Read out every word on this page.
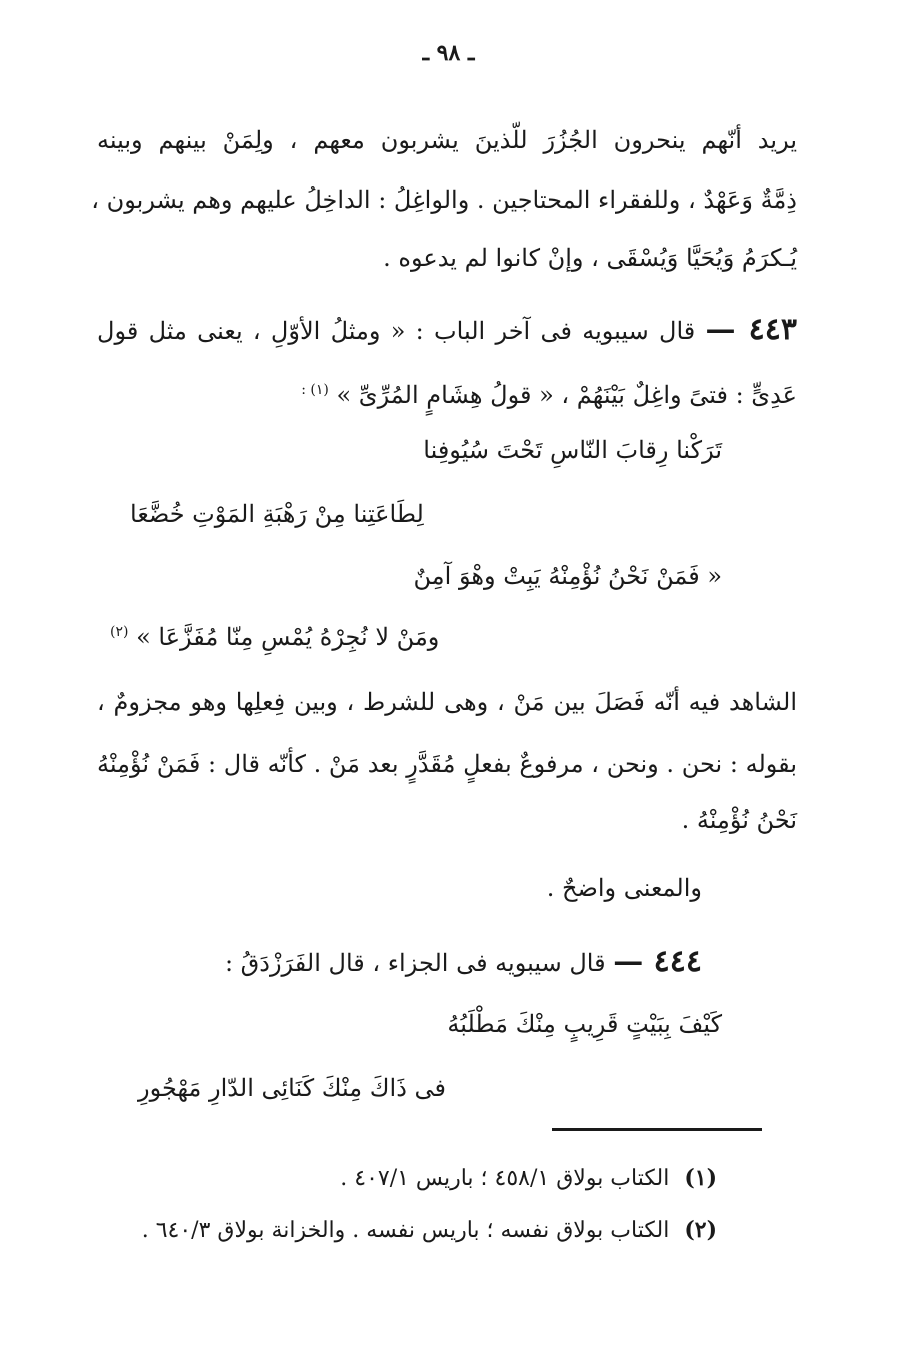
ـ ٩٨ ـ
يريد أنّهم ينحرون الجُزُرَ للّذينَ يشربون معهم ، ولِمَنْ بينهم وبينه
ذِمَّةٌ وَعَهْدٌ ، وللفقراء المحتاجين . والواغِلُ : الداخِلُ عليهم وهم يشربون ،
يُـكرَمُ وَيُحَيَّا وَيُسْقَى ، وإنْ كانوا لم يدعوه .
٤٤٣ — قال سيبويه فى آخر الباب : « ومثلُ الأوّلِ ، يعنى مثل قول
عَدِىٍّ : فتىً واغِلٌ بَيْنَهُمْ ، « قولُ هِشَامٍ المُرِّىِّ » $^{(١) :}$
تَرَكْنا رِقابَ النّاسِ تَحْتَ سُيُوفِنا
لِطَاعَتِنا مِنْ رَهْبَةِ المَوْتِ خُضَّعَا
« فَمَنْ نَحْنُ نُؤْمِنْهُ يَبِتْ وهْوَ آمِنٌ
ومَنْ لا نُجِرْهُ يُمْسِ مِنّا مُفَزَّعَا » $^{(٢)}$
الشاهد فيه أنّه فَصَلَ بين مَنْ ، وهى للشرط ، وبين فِعلِها وهو مجزومٌ ،
بقوله : نحن . ونحن ، مرفوعٌ بفعلٍ مُقَدَّرٍ بعد مَنْ . كأنّه قال : فَمَنْ نُؤْمِنْهُ
نَحْنُ نُؤْمِنْهُ .
والمعنى واضحٌ .
٤٤٤ — قال سيبويه فى الجزاء ، قال الفَرَزْدَقُ :
كَيْفَ بِبَيْتٍ قَرِيبٍ مِنْكَ مَطْلَبُهُ
فى ذَاكَ مِنْكَ كَنَائِى الدّارِ مَهْجُورِ
(١) الكتاب بولاق ٤٥٨/١ ؛ باريس ٤٠٧/١ .
(٢) الكتاب بولاق نفسه ؛ باريس نفسه . والخزانة بولاق ٦٤٠/٣ .
